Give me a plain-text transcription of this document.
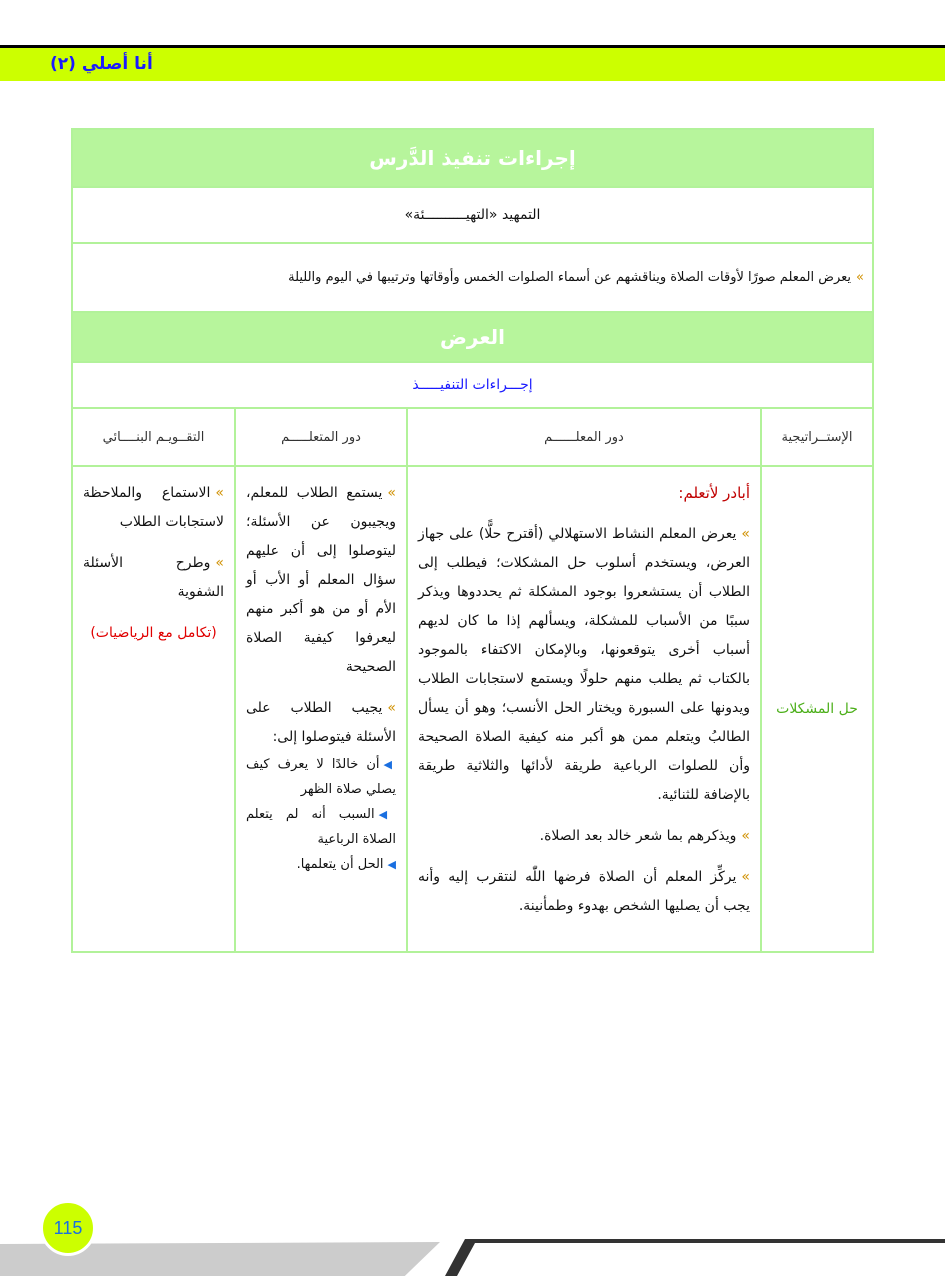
أنا أصلي (٢)
إجراءات تنفيذ الدَّرس
التمهيد «التهيــــــــــئة»
»
يعرض المعلم صورًا لأوقات الصلاة ويناقشهم عن أسماء الصلوات الخمس وأوقاتها وترتيبها في اليوم والليلة
العرض
إجـــراءات التنفيـــــذ
الإستــراتيجية
دور المعلــــــم
دور المتعلـــــم
التقــويـم البنــــائي
حل المشكلات

أبادر لأتعلم:

»يعرض المعلم النشاط الاستهلالي (أقترح حلًّا) على جهاز العرض، ويستخدم أسلوب حل المشكلات؛ فيطلب إلى الطلاب أن يستشعروا بوجود المشكلة ثم يحددوها ويذكر سببًا من الأسباب للمشكلة، ويسألهم إذا ما كان لديهم أسباب أخرى يتوقعونها، وبالإمكان الاكتفاء بالموجود بالكتاب ثم يطلب منهم حلولًا ويستمع لاستجابات الطلاب ويدونها على السبورة ويختار الحل الأنسب؛ وهو أن يسأل الطالبُ ويتعلم ممن هو أكبر منه كيفية الصلاة الصحيحة وأن للصلوات الرباعية طريقة لأدائها والثلاثية طريقة بالإضافة للثنائية.

»ويذكرهم بما شعر خالد بعد الصلاة.

»يركِّز المعلم أن الصلاة فرضها اللّٰه لنتقرب إليه وأنه يجب أن يصليها الشخص بهدوء وطمأنينة.

»يستمع الطلاب للمعلم، ويجيبون عن الأسئلة؛ ليتوصلوا إلى أن عليهم سؤال المعلم أو الأب أو الأم أو من هو أكبر منهم ليعرفوا كيفية الصلاة الصحيحة

»يجيب الطلاب على الأسئلة فيتوصلوا إلى:
◀أن خالدًا لا يعرف كيف يصلي صلاة الظهر
◀السبب أنه لم يتعلم الصلاة الرباعية
◀الحل أن يتعلمها.

»الاستماع والملاحظة لاستجابات الطلاب

»وطرح الأسئلة الشفوية

(تكامل مع الرياضيات)

115
